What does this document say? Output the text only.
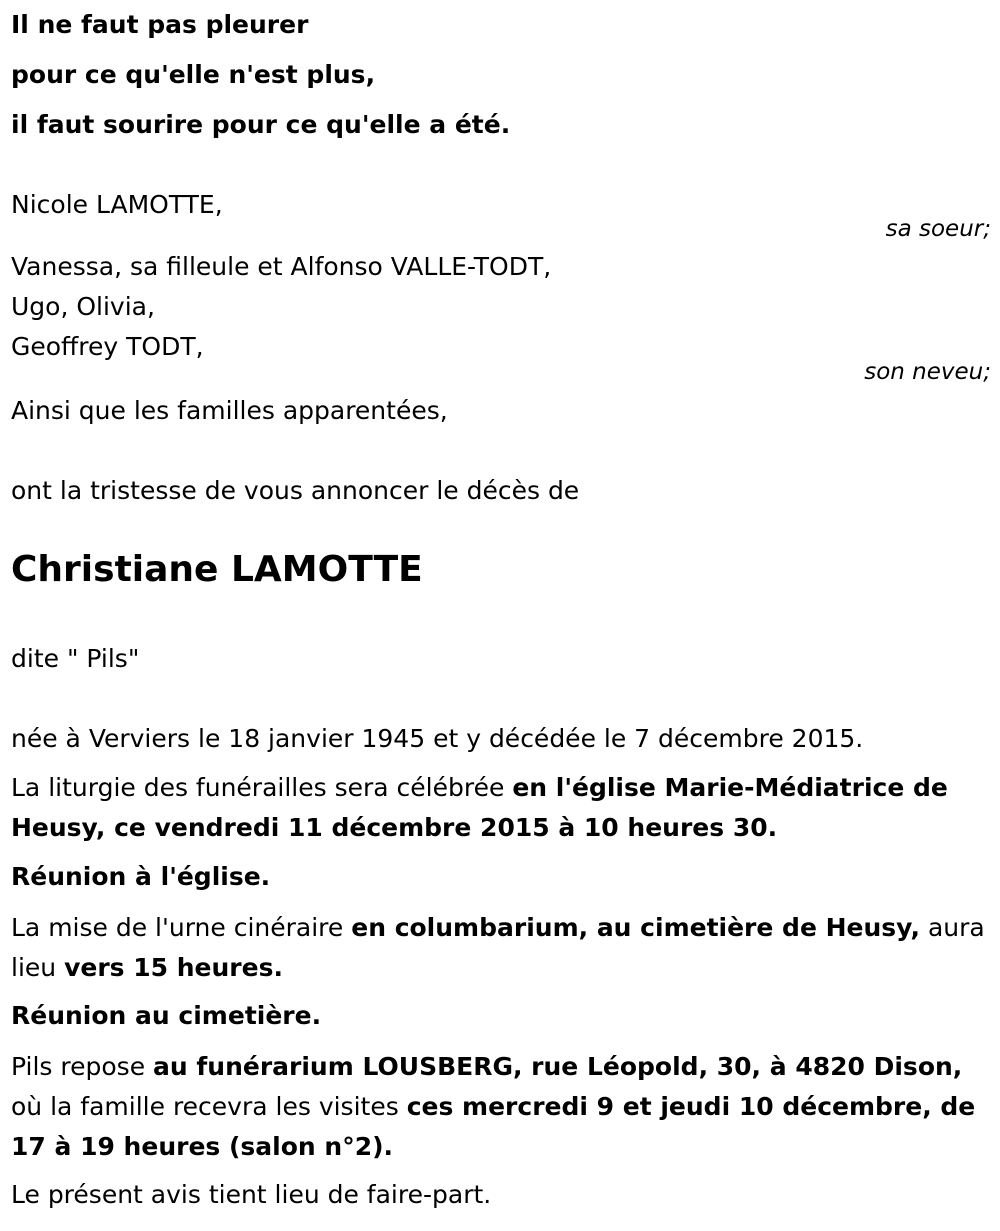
Il ne faut pas pleurer
pour ce qu'elle n'est plus,
il faut sourire pour ce qu'elle a été.
Nicole LAMOTTE,
sa soeur;
Vanessa, sa filleule et Alfonso VALLE-TODT,
Ugo, Olivia,
Geoffrey TODT,
son neveu;
Ainsi que les familles apparentées,
ont la tristesse de vous annoncer le décès de
Christiane LAMOTTE
dite " Pils"
née à Verviers le 18 janvier 1945 et y décédée le 7 décembre 2015.
La liturgie des funérailles sera célébrée en l'église Marie-Médiatrice de Heusy, ce vendredi 11 décembre 2015 à 10 heures 30.
Réunion à l'église.
La mise de l'urne cinéraire en columbarium, au cimetière de Heusy, aura lieu vers 15 heures.
Réunion au cimetière.
Pils repose au funérarium LOUSBERG, rue Léopold, 30, à 4820 Dison, où la famille recevra les visites ces mercredi 9 et jeudi 10 décembre, de 17 à 19 heures (salon n°2).
Le présent avis tient lieu de faire-part.
